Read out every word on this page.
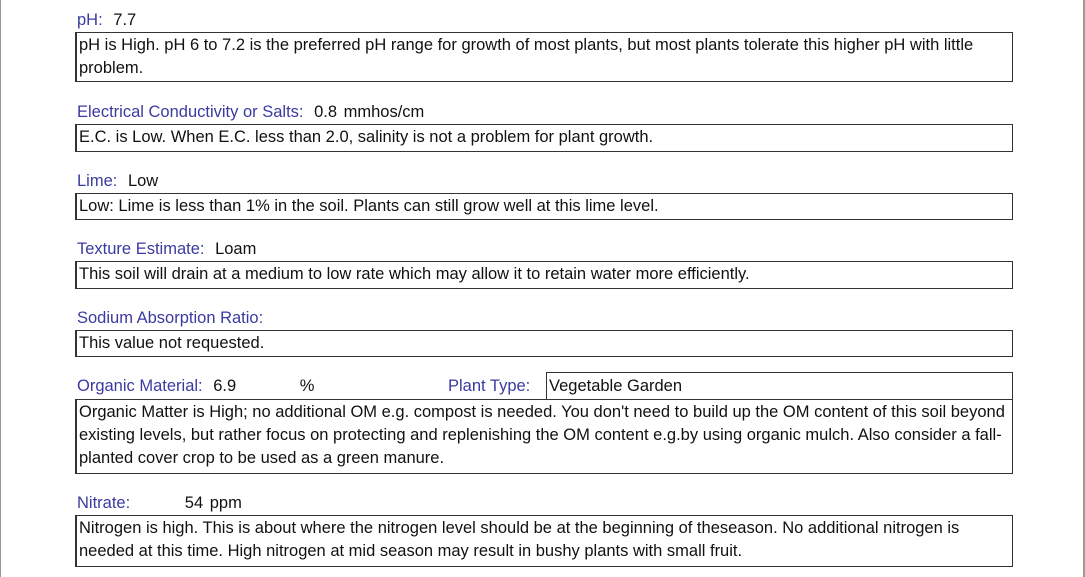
pH: 7.7
pH is High. pH 6 to 7.2 is the preferred pH range for growth of most plants, but most plants tolerate this higher pH with little problem.
Electrical Conductivity or Salts: 0.8 mmhos/cm
E.C. is Low. When E.C. less than 2.0, salinity is not a problem for plant growth.
Lime: Low
Low: Lime is less than 1% in the soil. Plants can still grow well at this lime level.
Texture Estimate: Loam
This soil will drain at a medium to low rate which may allow it to retain water more efficiently.
Sodium Absorption Ratio:
This value not requested.
Organic Material: 6.9	%	Plant Type: Vegetable Garden
Organic Matter is High; no additional OM e.g. compost is needed. You don't need to build up the OM content of this soil beyond existing levels, but rather focus on protecting and replenishing the OM content e.g.by using organic mulch. Also consider a fall-planted cover crop to be used as a green manure.
Nitrate:	54 ppm
Nitrogen is high. This is about where the nitrogen level should be at the beginning of theseason. No additional nitrogen is needed at this time. High nitrogen at mid season may result in bushy plants with small fruit.
